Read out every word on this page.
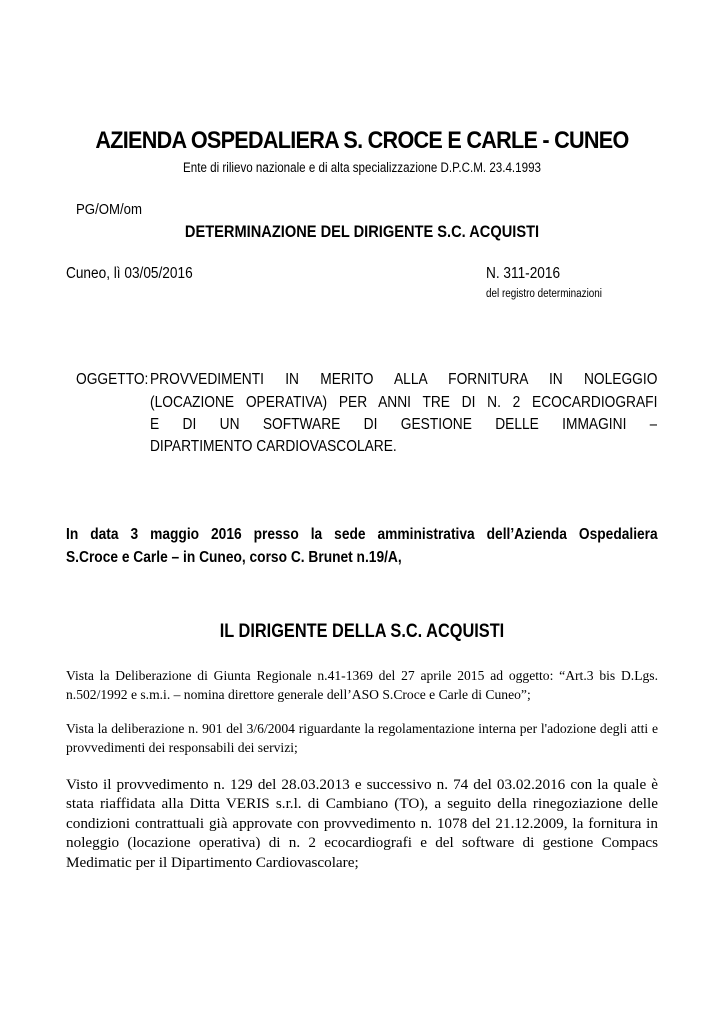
AZIENDA OSPEDALIERA S. CROCE E CARLE - CUNEO
Ente di rilievo nazionale e di alta specializzazione D.P.C.M. 23.4.1993
PG/OM/om
DETERMINAZIONE DEL DIRIGENTE S.C. ACQUISTI
Cuneo, lì 03/05/2016	N. 311-2016
del registro determinazioni
OGGETTO: PROVVEDIMENTI IN MERITO ALLA FORNITURA IN NOLEGGIO
(LOCAZIONE OPERATIVA) PER ANNI TRE DI N. 2 ECOCARDIOGRAFI
E DI UN SOFTWARE DI GESTIONE DELLE IMMAGINI –
DIPARTIMENTO CARDIOVASCOLARE.
In data 3 maggio 2016 presso la sede amministrativa dell’Azienda Ospedaliera
S.Croce e Carle – in Cuneo, corso C. Brunet n.19/A,
IL DIRIGENTE DELLA S.C. ACQUISTI

Vista la Deliberazione di Giunta Regionale n.41-1369 del 27 aprile 2015 ad oggetto: “Art.3 bis D.Lgs. n.502/1992 e s.m.i. – nomina direttore generale dell’ASO S.Croce e Carle di Cuneo”;

Vista la deliberazione n. 901 del 3/6/2004 riguardante la regolamentazione interna per l'adozione degli atti e provvedimenti dei responsabili dei servizi;

Visto il provvedimento n. 129 del 28.03.2013 e successivo n. 74 del 03.02.2016 con la quale è stata riaffidata alla Ditta VERIS s.r.l. di Cambiano (TO), a seguito della rinegoziazione delle condizioni contrattuali già approvate con provvedimento n. 1078 del 21.12.2009, la fornitura in noleggio (locazione operativa) di n. 2 ecocardiografi e del software di gestione Compacs Medimatic per il Dipartimento Cardiovascolare;
